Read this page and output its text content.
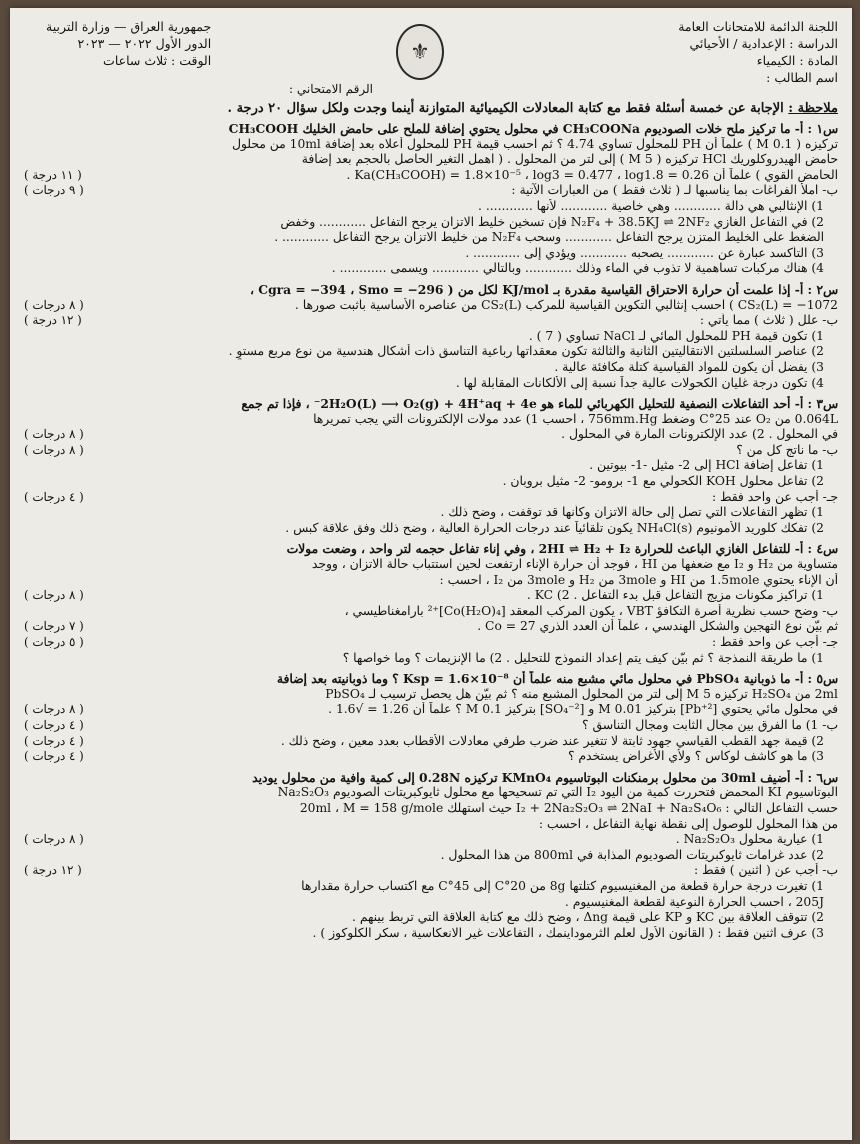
اللجنة الدائمة للامتحانات العامة
الدراسة : الإعدادية / الأحيائي
المادة : الكيمياء
اسم الطالب :
⚜
جمهورية العراق — وزارة التربية
الدور الأول ٢٠٢٢ — ٢٠٢٣
الوقت : ثلاث ساعات
الرقم الامتحاني :
ملاحظة : الإجابة عن خمسة أسئلة فقط مع كتابة المعادلات الكيميائية المتوازنة أينما وجدت ولكل سؤال ٢٠ درجة .
س١ : أ- ما تركيز ملح خلات الصوديوم CH₃COONa في محلول يحتوي إضافة للملح على حامض الخليك CH₃COOH
تركيزه ( 0.1 M ) علماً أن PH للمحلول تساوي 4.74 ؟ ثم احسب قيمة PH للمحلول أعلاه بعد إضافة 10ml من محلول
حامض الهيدروكلوريك HCl تركيزه ( 5 M ) إلى لتر من المحلول . ( اهمل التغير الحاصل بالحجم بعد إضافة
الحامض القوي ) علماً أن Ka(CH₃COOH) = 1.8×10⁻⁵ ، log3 = 0.477 ، log1.8 = 0.26 .
( ١١ درجة )
ب- املأ الفراغات بما يناسبها لـ ( ثلاث فقط ) من العبارات الآتية :
( ٩ درجات )
1) الإنثالبي هي دالة ............ وهي خاصية ............ لأنها ............ .
2) في التفاعل الغازي N₂F₄ + 38.5KJ ⇌ 2NF₂ فإن تسخين خليط الاتزان يرجح التفاعل ............ وخفض
الضغط على الخليط المتزن يرجح التفاعل ............ وسحب N₂F₄ من خليط الاتزان يرجح التفاعل ............ .
3) التأكسد عبارة عن ............ يصحبه ............ ويؤدي إلى ............ .
4) هناك مركبات تساهمية لا تذوب في الماء وذلك ............ وبالتالي ............ ويسمى ............ .
س٢ : أ- إذا علمت أن حرارة الاحتراق القياسية مقدرة بـ KJ/mol لكل من ( Cgra = −394 ، Smo = −296 ،
CS₂(L) = −1072 ) احسب إنثالبي التكوين القياسية للمركب CS₂(L) من عناصره الأساسية بأثبت صورها .
( ٨ درجات )
ب- علل ( ثلاث ) مما يأتي :
( ١٢ درجة )
1) تكون قيمة PH للمحلول المائي لـ NaCl تساوي ( 7 ) .
2) عناصر السلسلتين الانتقاليتين الثانية والثالثة تكون معقداتها رباعية التناسق ذات أشكال هندسية من نوع مربع مستوٍ .
3) يفضل أن يكون للمواد القياسية كتلة مكافئة عالية .
4) تكون درجة غليان الكحولات عالية جداً نسبة إلى الألكانات المقابلة لها .
س٣ : أ- أحد التفاعلات النصفية للتحليل الكهربائي للماء هو 2H₂O(L) ⟶ O₂(g) + 4H⁺aq + 4e⁻ ، فإذا تم جمع
0.064L من O₂ عند 25°C وضغط 756mm.Hg ، احسب 1) عدد مولات الإلكترونات التي يجب تمريرها
في المحلول . 2) عدد الإلكترونات المارة في المحلول .
( ٨ درجات )
ب- ما ناتج كل من ؟
( ٨ درجات )
1) تفاعل إضافة HCl إلى 2- مثيل -1- بيوتين .
2) تفاعل محلول KOH الكحولي مع 1- برومو- 2- مثيل بروبان .
جـ- أجب عن واحد فقط :
( ٤ درجات )
1) تظهر التفاعلات التي تصل إلى حالة الاتزان وكأنها قد توقفت ، وضح ذلك .
2) تفكك كلوريد الأمونيوم NH₄Cl(s) يكون تلقائياً عند درجات الحرارة العالية ، وضح ذلك وفق علاقة كبس .
س٤ : أ- للتفاعل الغازي الباعث للحرارة 2HI ⇌ H₂ + I₂ ، وفي إناء تفاعل حجمه لتر واحد ، وضعت مولات
متساوية من H₂ و I₂ مع ضعفها من HI ، فوجد أن حرارة الإناء ارتفعت لحين استتباب حالة الاتزان ، ووجد
أن الإناء يحتوي 1.5mole من HI و 3mole من H₂ و 3mole من I₂ ، احسب :
1) تراكيز مكونات مزيج التفاعل قبل بدء التفاعل . 2) KC .
( ٨ درجات )
ب- وضح حسب نظرية أصرة التكافؤ VBT ، يكون المركب المعقد [Co(H₂O)₄]⁺² بارامغناطيسي ،
ثم بيّن نوع التهجين والشكل الهندسي ، علماً أن العدد الذري Co = 27 .
( ٧ درجات )
جـ- أجب عن واحد فقط :
( ٥ درجات )
1) ما طريقة النمذجة ؟ ثم بيّن كيف يتم إعداد النموذج للتحليل . 2) ما الإنزيمات ؟ وما خواصها ؟
س٥ : أ- ما ذوبانية PbSO₄ في محلول مائي مشبع منه علماً أن Ksp = 1.6×10⁻⁸ ؟ وما ذوبانيته بعد إضافة
2ml من H₂SO₄ تركيزه 5 M إلى لتر من المحلول المشبع منه ؟ ثم بيّن هل يحصل ترسيب لـ PbSO₄
في محلول مائي يحتوي [Pb⁺²] بتركيز 0.01 M و [SO₄⁻²] بتركيز 0.1 M ؟ علماً أن 1.26 = √1.6 .
( ٨ درجات )
ب- 1) ما الفرق بين مجال الثابت ومجال التناسق ؟
( ٤ درجات )
2) قيمة جهد القطب القياسي جهود ثابتة لا تتغير عند ضرب طرفي معادلات الأقطاب بعدد معين ، وضح ذلك .
( ٤ درجات )
3) ما هو كاشف لوكاس ؟ ولأي الأغراض يستخدم ؟
( ٤ درجات )
س٦ : أ- أضيف 30ml من محلول برمنكنات البوتاسيوم KMnO₄ تركيزه 0.28N إلى كمية وافية من محلول يوديد
البوتاسيوم KI المحمض فتحررت كمية من اليود I₂ التي تم تسحيحها مع محلول ثايوكبريتات الصوديوم Na₂S₂O₃
حسب التفاعل التالي : I₂ + 2Na₂S₂O₃ ⇌ 2NaI + Na₂S₄O₆ حيث استهلك 20ml ، M = 158 g/mole
من هذا المحلول للوصول إلى نقطة نهاية التفاعل ، احسب :
1) عيارية محلول Na₂S₂O₃ .
( ٨ درجات )
2) عدد غرامات ثايوكبريتات الصوديوم المذابة في 800ml من هذا المحلول .
ب- أجب عن ( اثنين ) فقط :
( ١٢ درجة )
1) تغيرت درجة حرارة قطعة من المغنيسيوم كتلتها 8g من 20°C إلى 45°C مع اكتساب حرارة مقدارها
205J ، احسب الحرارة النوعية لقطعة المغنيسيوم .
2) تتوقف العلاقة بين KC و KP على قيمة Δng ، وضح ذلك مع كتابة العلاقة التي تربط بينهم .
3) عرف اثنين فقط : ( القانون الأول لعلم الثرموداينمك ، التفاعلات غير الانعكاسية ، سكر الكلوكوز ) .
